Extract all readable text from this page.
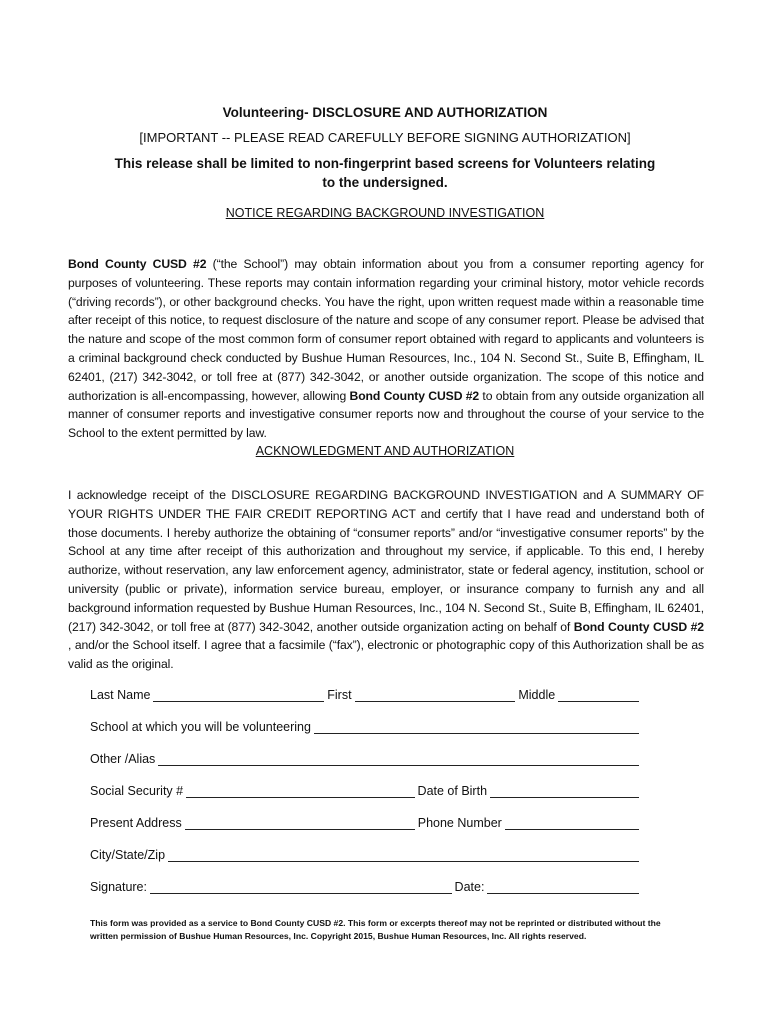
Volunteering- DISCLOSURE AND AUTHORIZATION
[IMPORTANT -- PLEASE READ CAREFULLY BEFORE SIGNING AUTHORIZATION]
This release shall be limited to non-fingerprint based screens for Volunteers relating to the undersigned.
NOTICE REGARDING BACKGROUND INVESTIGATION
Bond County CUSD #2 (“the School”) may obtain information about you from a consumer reporting agency for purposes of volunteering. These reports may contain information regarding your criminal history, motor vehicle records (“driving records”), or other background checks. You have the right, upon written request made within a reasonable time after receipt of this notice, to request disclosure of the nature and scope of any consumer report. Please be advised that the nature and scope of the most common form of consumer report obtained with regard to applicants and volunteers is a criminal background check conducted by Bushue Human Resources, Inc., 104 N. Second St., Suite B, Effingham, IL 62401, (217) 342-3042, or toll free at (877) 342-3042, or another outside organization. The scope of this notice and authorization is all-encompassing, however, allowing Bond County CUSD #2 to obtain from any outside organization all manner of consumer reports and investigative consumer reports now and throughout the course of your service to the School to the extent permitted by law.
ACKNOWLEDGMENT AND AUTHORIZATION
I acknowledge receipt of the DISCLOSURE REGARDING BACKGROUND INVESTIGATION and A SUMMARY OF YOUR RIGHTS UNDER THE FAIR CREDIT REPORTING ACT and certify that I have read and understand both of those documents. I hereby authorize the obtaining of “consumer reports” and/or “investigative consumer reports” by the School at any time after receipt of this authorization and throughout my service, if applicable. To this end, I hereby authorize, without reservation, any law enforcement agency, administrator, state or federal agency, institution, school or university (public or private), information service bureau, employer, or insurance company to furnish any and all background information requested by Bushue Human Resources, Inc., 104 N. Second St., Suite B, Effingham, IL 62401, (217) 342-3042, or toll free at (877) 342-3042, another outside organization acting on behalf of Bond County CUSD #2 , and/or the School itself. I agree that a facsimile (“fax”), electronic or photographic copy of this Authorization shall be as valid as the original.
Last Name	First	Middle
School at which you will be volunteering
Other /Alias
Social Security #	Date of Birth
Present Address	Phone Number
City/State/Zip
Signature:	Date:
This form was provided as a service to Bond County CUSD #2. This form or excerpts thereof may not be reprinted or distributed without the written permission of Bushue Human Resources, Inc. Copyright 2015, Bushue Human Resources, Inc. All rights reserved.
